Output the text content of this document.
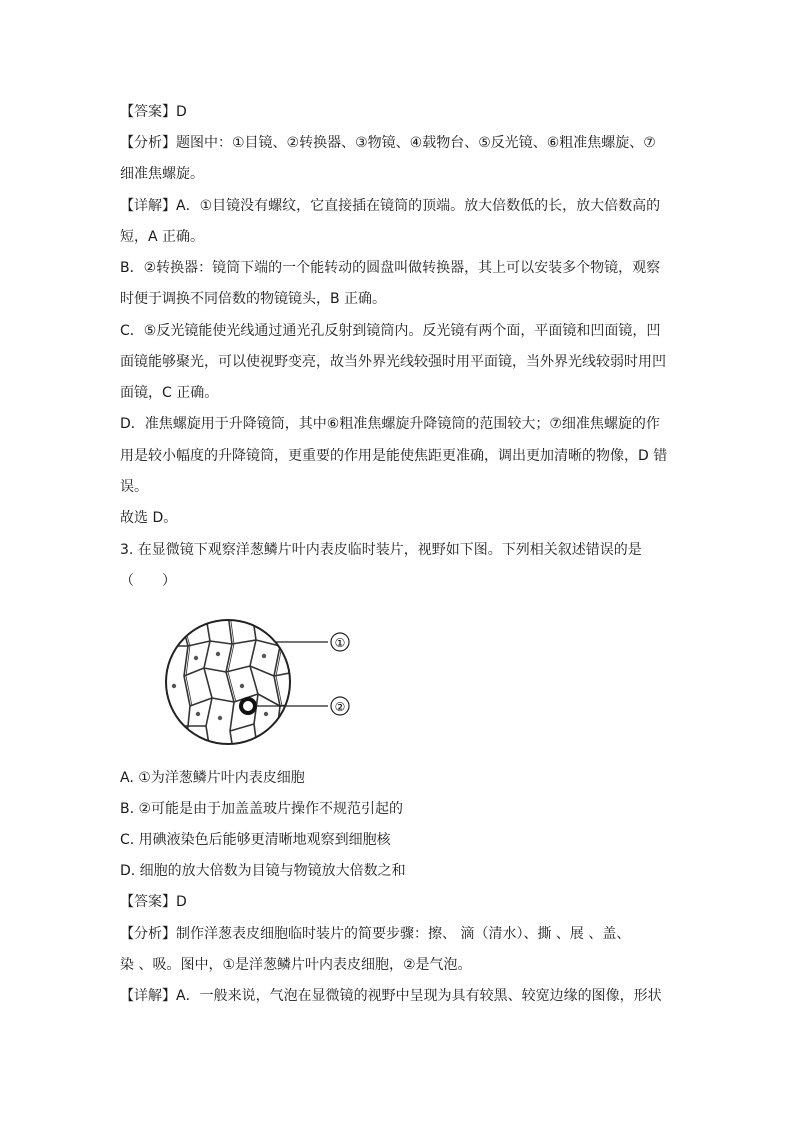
【答案】D
【分析】题图中：①目镜、②转换器、③物镜、④载物台、⑤反光镜、⑥粗准焦螺旋、⑦
细准焦螺旋。
【详解】A．①目镜没有螺纹，它直接插在镜筒的顶端。放大倍数低的长，放大倍数高的
短，A 正确。
B．②转换器：镜筒下端的一个能转动的圆盘叫做转换器，其上可以安装多个物镜，观察
时便于调换不同倍数的物镜镜头，B 正确。
C．⑤反光镜能使光线通过通光孔反射到镜筒内。反光镜有两个面，平面镜和凹面镜，凹
面镜能够聚光，可以使视野变亮，故当外界光线较强时用平面镜，当外界光线较弱时用凹
面镜，C 正确。
D．准焦螺旋用于升降镜筒，其中⑥粗准焦螺旋升降镜筒的范围较大；⑦细准焦螺旋的作
用是较小幅度的升降镜筒，更重要的作用是能使焦距更准确，调出更加清晰的物像，D 错
误。
故选 D。
3. 在显微镜下观察洋葱鳞片叶内表皮临时装片，视野如下图。下列相关叙述错误的是
（　　）
①
②
A. ①为洋葱鳞片叶内表皮细胞
B. ②可能是由于加盖盖玻片操作不规范引起的
C. 用碘液染色后能够更清晰地观察到细胞核
D. 细胞的放大倍数为目镜与物镜放大倍数之和
【答案】D
【分析】制作洋葱表皮细胞临时装片的简要步骤：擦、 滴（清水）、撕 、展 、盖、
染 、吸。图中，①是洋葱鳞片叶内表皮细胞，②是气泡。
【详解】A．一般来说，气泡在显微镜的视野中呈现为具有较黑、较宽边缘的图像，形状
